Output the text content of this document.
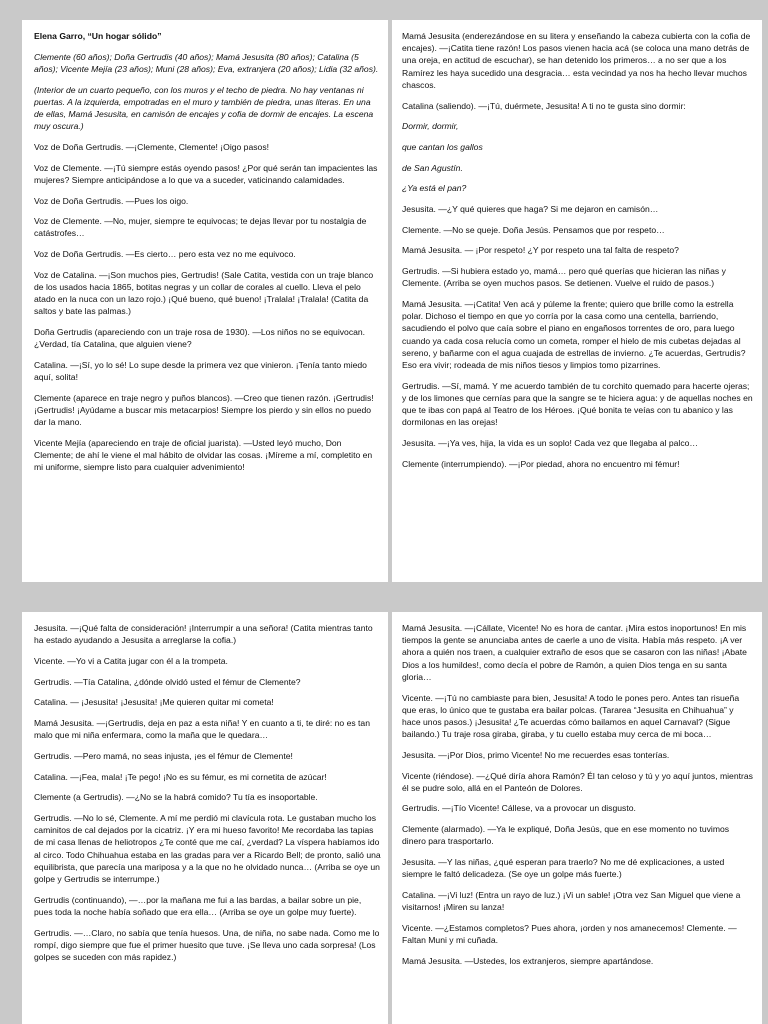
Elena Garro, “Un hogar sólido”

Clemente (60 años); Doña Gertrudis (40 años); Mamá Jesusita (80 años); Catalina (5 años); Vicente Mejía (23 años); Muni (28 años); Eva, extranjera (20 años); Lidia (32 años).

(Interior de un cuarto pequeño, con los muros y el techo de piedra. No hay ventanas ni puertas. A la izquierda, empotradas en el muro y también de piedra, unas literas. En una de ellas, Mamá Jesusita, en camisón de encajes y cofia de dormir de encajes. La escena muy oscura.)

Voz de Doña Gertrudis. —¡Clemente, Clemente! ¡Oigo pasos!

Voz de Clemente. —¡Tú siempre estás oyendo pasos! ¿Por qué serán tan impacientes las mujeres? Siempre anticipándose a lo que va a suceder, vaticinando calamidades.

Voz de Doña Gertrudis. —Pues los oigo.

Voz de Clemente. —No, mujer, siempre te equivocas; te dejas llevar por tu nostalgia de catástrofes…

Voz de Doña Gertrudis. —Es cierto… pero esta vez no me equivoco.

Voz de Catalina. —¡Son muchos pies, Gertrudis! (Sale Catita, vestida con un traje blanco de los usados hacia 1865, botitas negras y un collar de corales al cuello. Lleva el pelo atado en la nuca con un lazo rojo.) ¡Qué bueno, qué bueno! ¡Tralala! ¡Tralala! (Catita da saltos y bate las palmas.)

Doña Gertrudis (apareciendo con un traje rosa de 1930). —Los niños no se equivocan. ¿Verdad, tía Catalina, que alguien viene?

Catalina. —¡Sí, yo lo sé! Lo supe desde la primera vez que vinieron. ¡Tenía tanto miedo aquí, solita!

Clemente (aparece en traje negro y puños blancos). —Creo que tienen razón. ¡Gertrudis! ¡Gertrudis! ¡Ayúdame a buscar mis metacarpios! Siempre los pierdo y sin ellos no puedo dar la mano.

Vicente Mejía (apareciendo en traje de oficial juarista). —Usted leyó mucho, Don Clemente; de ahí le viene el mal hábito de olvidar las cosas. ¡Míreme a mí, completito en mi uniforme, siempre listo para cualquier advenimiento!

Mamá Jesusita (enderezándose en su litera y enseñando la cabeza cubierta con la cofia de encajes). —¡Catita tiene razón! Los pasos vienen hacia acá (se coloca una mano detrás de una oreja, en actitud de escuchar), se han detenido los primeros… a no ser que a los Ramírez les haya sucedido una desgracia… esta vecindad ya nos ha hecho llevar muchos chascos.

Catalina (saliendo). —¡Tú, duérmete, Jesusita! A ti no te gusta sino dormir:

Dormir, dormir,

que cantan los gallos

de San Agustín.

¿Ya está el pan?

Jesusita. —¿Y qué quieres que haga? Si me dejaron en camisón…

Clemente. —No se queje. Doña Jesús. Pensamos que por respeto…

Mamá Jesusita. — ¡Por respeto! ¿Y por respeto una tal falta de respeto?

Gertrudis. —Si hubiera estado yo, mamá… pero qué querías que hicieran las niñas y Clemente. (Arriba se oyen muchos pasos. Se detienen. Vuelve el ruido de pasos.)

Mamá Jesusita. —¡Catita! Ven acá y púleme la frente; quiero que brille como la estrella polar. Dichoso el tiempo en que yo corría por la casa como una centella, barriendo, sacudiendo el polvo que caía sobre el piano en engañosos torrentes de oro, para luego cuando ya cada cosa relucía como un cometa, romper el hielo de mis cubetas dejadas al sereno, y bañarme con el agua cuajada de estrellas de invierno. ¿Te acuerdas, Gertrudis? Eso era vivir; rodeada de mis niños tiesos y limpios tomo pizarrines.

Gertrudis. —Sí, mamá. Y me acuerdo también de tu corchito quemado para hacerte ojeras; y de los limones que cernías para que la sangre se te hiciera agua: y de aquellas noches en que te ibas con papá al Teatro de los Héroes. ¡Qué bonita te veías con tu abanico y las dormilonas en las orejas!

Jesusita. —¡Ya ves, hija, la vida es un soplo! Cada vez que llegaba al palco…

Clemente (interrumpiendo). —¡Por piedad, ahora no encuentro mi fémur!

Jesusita. —¡Qué falta de consideración! ¡Interrumpir a una señora! (Catita mientras tanto ha estado ayudando a Jesusita a arreglarse la cofia.)

Vicente. —Yo vi a Catita jugar con él a la trompeta.

Gertrudis. —Tía Catalina, ¿dónde olvidó usted el fémur de Clemente?

Catalina. — ¡Jesusita! ¡Jesusita! ¡Me quieren quitar mi cometa!

Mamá Jesusita. —¡Gertrudis, deja en paz a esta niña! Y en cuanto a ti, te diré: no es tan malo que mi niña enfermara, como la maña que le quedara…

Gertrudis. —Pero mamá, no seas injusta, ¡es el fémur de Clemente!

Catalina. —¡Fea, mala! ¡Te pego! ¡No es su fémur, es mi cornetita de azúcar!

Clemente (a Gertrudis). —¿No se la habrá comido? Tu tía es insoportable.

Gertrudis. —No lo sé, Clemente. A mí me perdió mi clavícula rota. Le gustaban mucho los caminitos de cal dejados por la cicatriz. ¡Y era mi hueso favorito! Me recordaba las tapias de mi casa llenas de heliotropos ¿Te conté que me caí, ¿verdad? La víspera habíamos ido al circo. Todo Chihuahua estaba en las gradas para ver a Ricardo Bell; de pronto, salió una equilibrista, que parecía una mariposa y a la que no he olvidado nunca… (Arriba se oye un golpe y Gertrudis se interrumpe.)

Gertrudis (continuando), —…por la mañana me fui a las bardas, a bailar sobre un pie, pues toda la noche había soñado que era ella… (Arriba se oye un golpe muy fuerte).

Gertrudis. —…Claro, no sabía que tenía huesos. Una, de niña, no sabe nada. Como me lo rompí, digo siempre que fue el primer huesito que tuve. ¡Se lleva uno cada sorpresa! (Los golpes se suceden con más rapidez.)

Mamá Jesusita. —¡Cállate, Vicente! No es hora de cantar. ¡Mira estos inoportunos! En mis tiempos la gente se anunciaba antes de caerle a uno de visita. Había más respeto. ¡A ver ahora a quién nos traen, a cualquier extraño de esos que se casaron con las niñas! ¡Abate Dios a los humildes!, como decía el pobre de Ramón, a quien Dios tenga en su santa gloria…

Vicente. —¡Tú no cambiaste para bien, Jesusita! A todo le pones pero. Antes tan risueña que eras, lo único que te gustaba era bailar polcas. (Tararea “Jesusita en Chihuahua” y hace unos pasos.) ¡Jesusita! ¿Te acuerdas cómo bailamos en aquel Carnaval? (Sigue bailando.) Tu traje rosa giraba, giraba, y tu cuello estaba muy cerca de mi boca…

Jesusita. —¡Por Dios, primo Vicente! No me recuerdes esas tonterías.

Vicente (riéndose). —¿Qué diría ahora Ramón? Él tan celoso y tú y yo aquí juntos, mientras él se pudre solo, allá en el Panteón de Dolores.

Gertrudis. —¡Tío Vicente! Cállese, va a provocar un disgusto.

Clemente (alarmado). —Ya le expliqué, Doña Jesús, que en ese momento no tuvimos dinero para trasportarlo.

Jesusita. —Y las niñas, ¿qué esperan para traerlo? No me dé explicaciones, a usted siempre le faltó delicadeza. (Se oye un golpe más fuerte.)

Catalina. —¡Vi luz! (Entra un rayo de luz.) ¡Vi un sable! ¡Otra vez San Miguel que viene a visitarnos! ¡Miren su lanza!

Vicente. —¿Estamos completos? Pues ahora, ¡orden y nos amanecemos! Clemente. —Faltan Muni y mi cuñada.

Mamá Jesusita. —Ustedes, los extranjeros, siempre apartándose.
